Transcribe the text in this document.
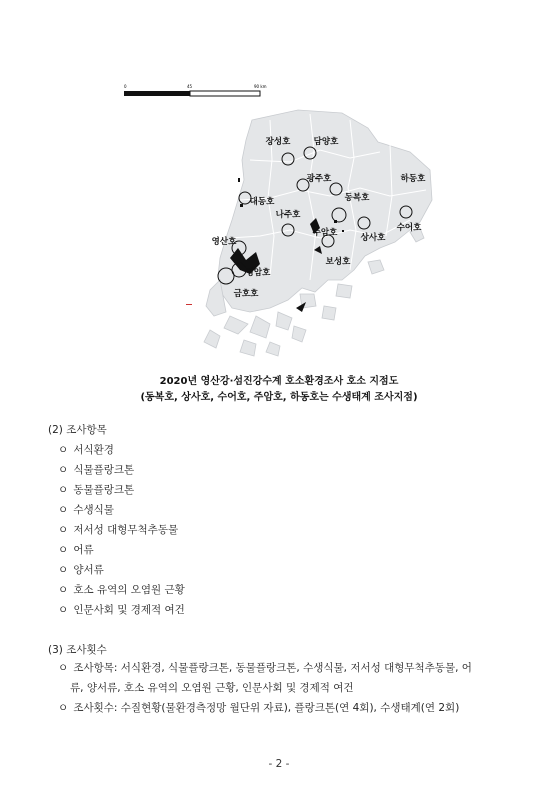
0	45	90 km
장성호	담양호
광주호	하동호
대동호	동복호
나주호
주암호	상사호
수어호
영산호
보성호
영암호
금호호
2020년 영산강·섬진강수계 호소환경조사 호소 지점도
(동복호, 상사호, 수어호, 주암호, 하동호는 수생태계 조사지점)
(2) 조사항목
ㅇ 서식환경
ㅇ 식물플랑크톤
ㅇ 동물플랑크톤
ㅇ 수생식물
ㅇ 저서성 대형무척추동물
ㅇ 어류
ㅇ 양서류
ㅇ 호소 유역의 오염원 근황
ㅇ 인문사회 및 경제적 여건
(3) 조사횟수
ㅇ 조사항목: 서식환경, 식물플랑크톤, 동물플랑크톤, 수생식물, 저서성 대형무척추동물, 어
류, 양서류, 호소 유역의 오염원 근황, 인문사회 및 경제적 여건
ㅇ 조사횟수: 수질현황(물환경측정망 월단위 자료), 플랑크톤(연 4회), 수생태계(연 2회)
- 2 -
